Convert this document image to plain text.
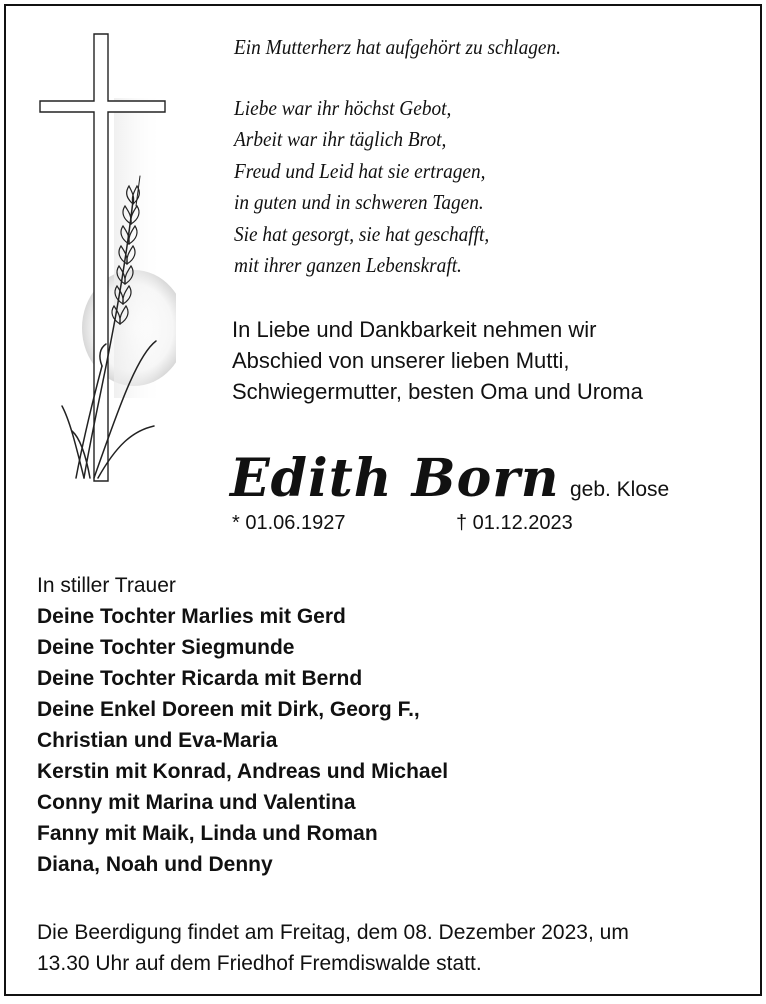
Ein Mutterherz hat aufgehört zu schlagen.
Liebe war ihr höchst Gebot,
Arbeit war ihr täglich Brot,
Freud und Leid hat sie ertragen,
in guten und in schweren Tagen.
Sie hat gesorgt, sie hat geschafft,
mit ihrer ganzen Lebenskraft.
In Liebe und Dankbarkeit nehmen wir
Abschied von unserer lieben Mutti,
Schwiegermutter, besten Oma und Uroma
Edith Born geb. Klose
* 01.06.1927	† 01.12.2023
In stiller Trauer
Deine Tochter Marlies mit Gerd
Deine Tochter Siegmunde
Deine Tochter Ricarda mit Bernd
Deine Enkel Doreen mit Dirk, Georg F.,
Christian und Eva-Maria
Kerstin mit Konrad, Andreas und Michael
Conny mit Marina und Valentina
Fanny mit Maik, Linda und Roman
Diana, Noah und Denny
Die Beerdigung findet am Freitag, dem 08. Dezember 2023, um
13.30 Uhr auf dem Friedhof Fremdiswalde statt.
